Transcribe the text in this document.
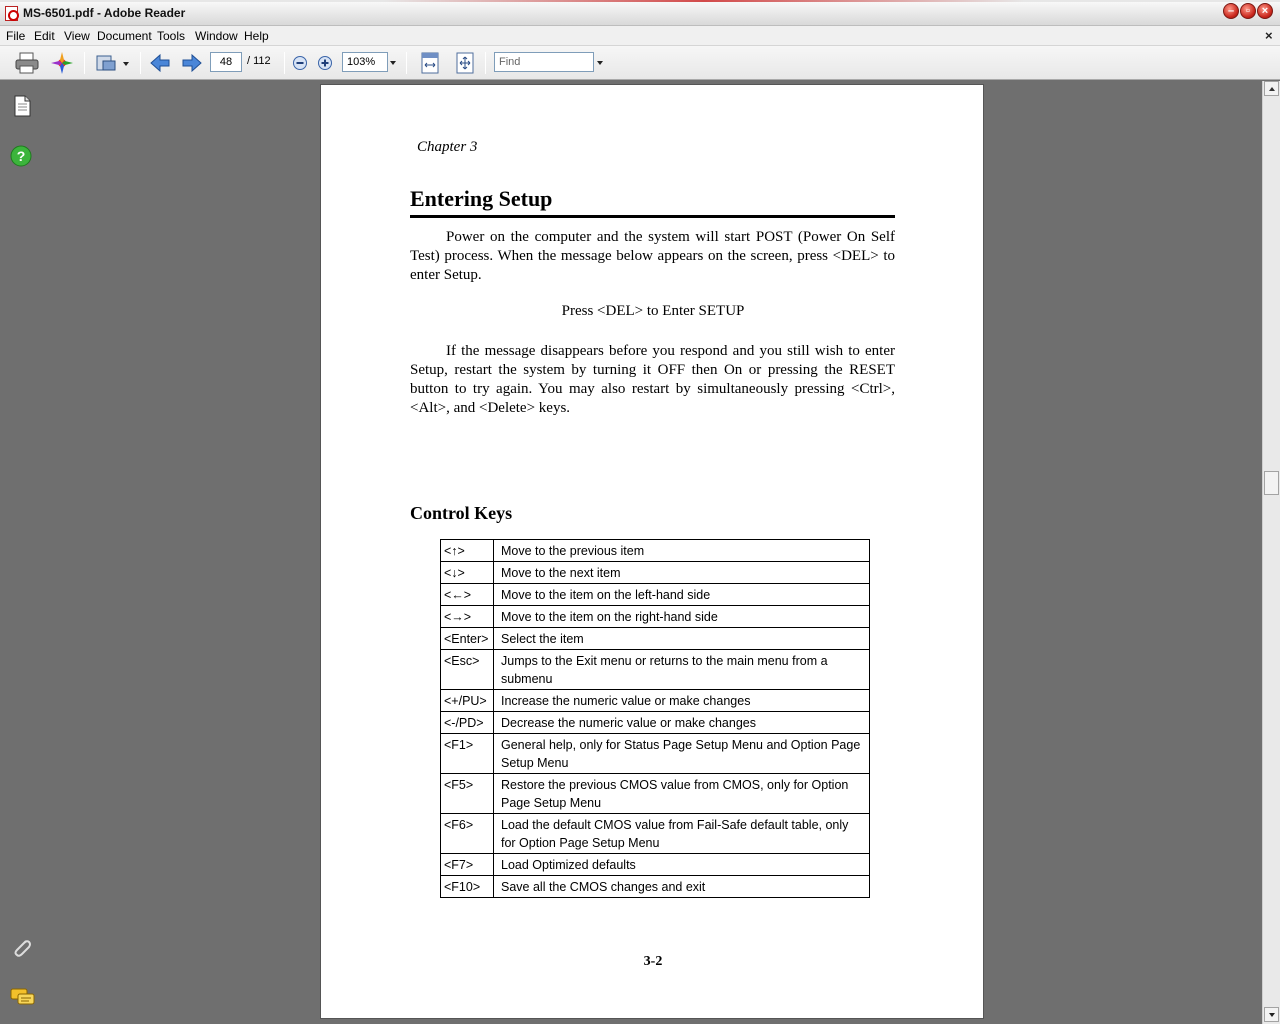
MS-6501.pdf - Adobe Reader	–	▫	×
File Edit View Document Tools Window Help	×
48	/ 112	103%	Find
?
Chapter 3
Entering Setup
Power on the computer and the system will start POST (Power On Self Test) process. When the message below appears on the screen, press <DEL> to enter Setup.
Press <DEL> to Enter SETUP
If the message disappears before you respond and you still wish to enter Setup, restart the system by turning it OFF then On or pressing the RESET button to try again. You may also restart by simultaneously pressing <Ctrl>, <Alt>, and <Delete> keys.
Control Keys
<↑>	Move to the previous item
<↓>	Move to the next item
<←>	Move to the item on the left-hand side
<→>	Move to the item on the right-hand side
<Enter>	Select the item
<Esc>	Jumps to the Exit menu or returns to the main menu from a submenu
<+/PU>	Increase the numeric value or make changes
<-/PD>	Decrease the numeric value or make changes
<F1>	General help, only for Status Page Setup Menu and Option Page Setup Menu
<F5>	Restore the previous CMOS value from CMOS, only for Option Page Setup Menu
<F6>	Load the default CMOS value from Fail-Safe default table, only for Option Page Setup Menu
<F7>	Load Optimized defaults
<F10>	Save all the CMOS changes and exit
3-2
